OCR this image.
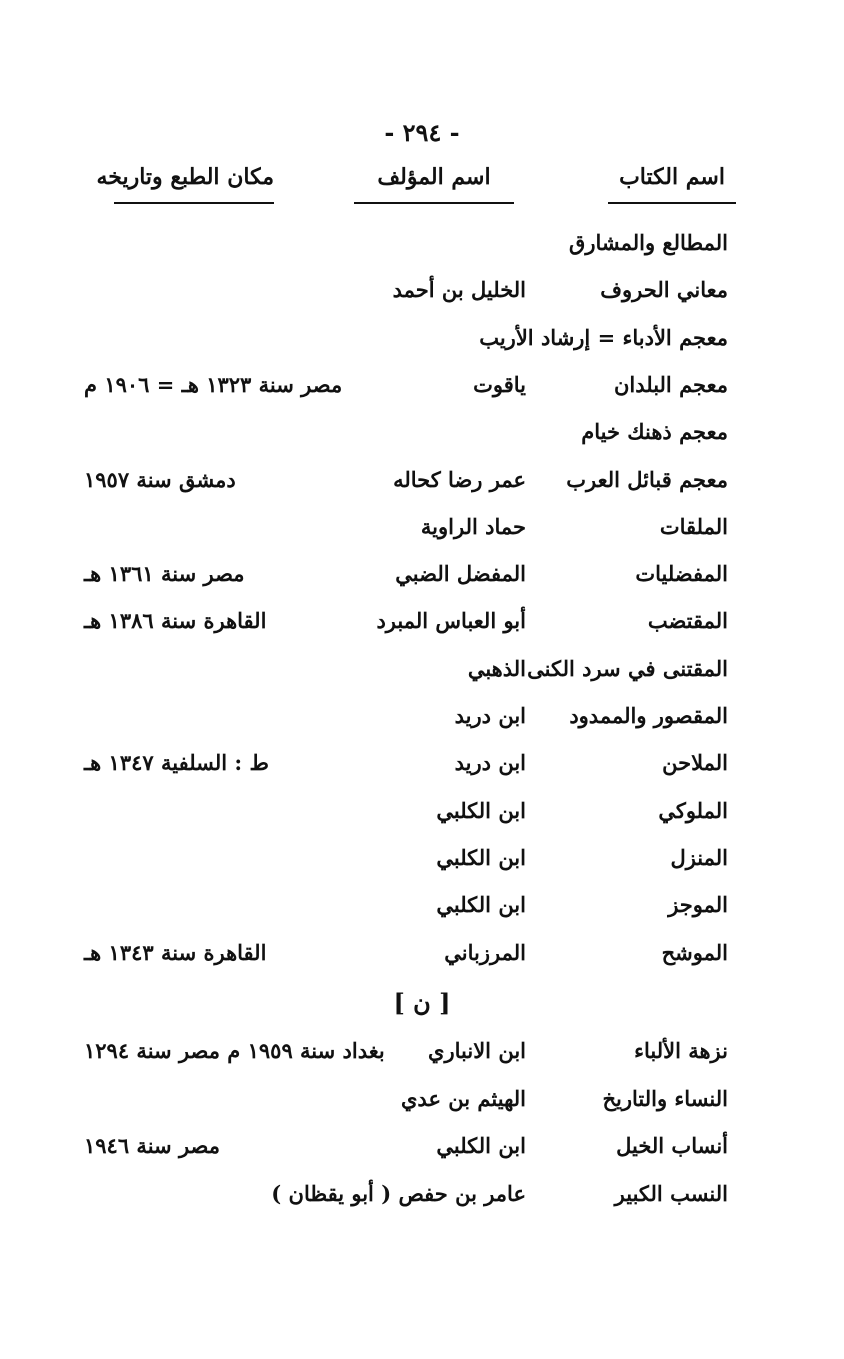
- ٢٩٤ -
اسم الكتاب
اسم المؤلف
مكان الطبع وتاريخه
المطالع والمشارق
معاني الحروف
الخليل بن أحمد
معجم الأدباء = إرشاد الأريب
معجم البلدان
ياقوت
مصر سنة ١٣٢٣ هـ = ١٩٠٦ م
معجم ذهنك خيام
معجم قبائل العرب
عمر رضا كحاله
دمشق سنة ١٩٥٧
الملقات
حماد الراوية
المفضليات
المفضل الضبي
مصر سنة ١٣٦١ هـ
المقتضب
أبو العباس المبرد
القاهرة سنة ١٣٨٦ هـ
المقتنى في سرد الكنى
الذهبي
المقصور والممدود
ابن دريد
الملاحن
ابن دريد
ط : السلفية ١٣٤٧ هـ
الملوكي
ابن الكلبي
المنزل
ابن الكلبي
الموجز
ابن الكلبي
الموشح
المرزباني
القاهرة سنة ١٣٤٣ هـ
[ ن ]
نزهة الألباء
ابن الانباري
بغداد سنة ١٩٥٩ م مصر سنة ١٢٩٤
النساء والتاريخ
الهيثم بن عدي
أنساب الخيل
ابن الكلبي
مصر سنة ١٩٤٦
النسب الكبير
عامر بن حفص ( أبو يقظان )
